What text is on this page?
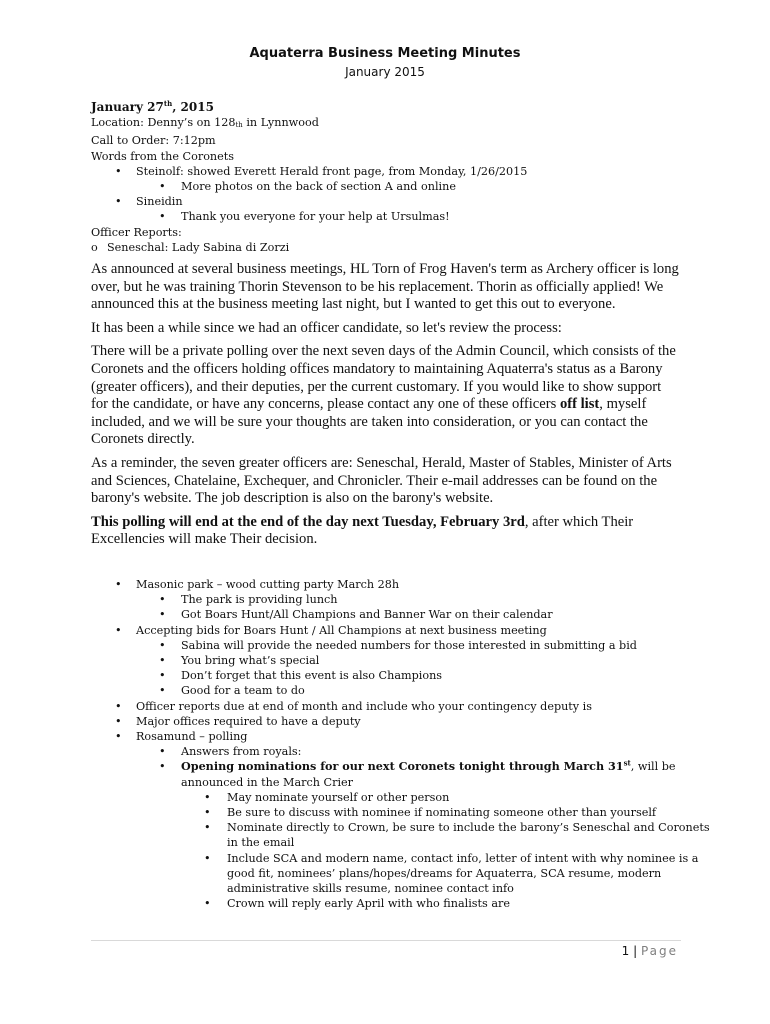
Aquaterra Business Meeting Minutes
January 2015
January 27th, 2015
Location: Denny’s on 128th in Lynnwood
Call to Order: 7:12pm
Words from the Coronets
• Steinolf: showed Everett Herald front page, from Monday, 1/26/2015
• More photos on the back of section A and online
• Sineidin
• Thank you everyone for your help at Ursulmas!
Officer Reports:
o Seneschal: Lady Sabina di Zorzi

As announced at several business meetings, HL Torn of Frog Haven's term as Archery officer is long over, but he was training Thorin Stevenson to be his replacement. Thorin as officially applied! We announced this at the business meeting last night, but I wanted to get this out to everyone.

It has been a while since we had an officer candidate, so let's review the process:

There will be a private polling over the next seven days of the Admin Council, which consists of the Coronets and the officers holding offices mandatory to maintaining Aquaterra's status as a Barony (greater officers), and their deputies, per the current customary. If you would like to show support for the candidate, or have any concerns, please contact any one of these officers off list, myself included, and we will be sure your thoughts are taken into consideration, or you can contact the Coronets directly.

As a reminder, the seven greater officers are: Seneschal, Herald, Master of Stables, Minister of Arts and Sciences, Chatelaine, Exchequer, and Chronicler. Their e-mail addresses can be found on the barony's website. The job description is also on the barony's website.

This polling will end at the end of the day next Tuesday, February 3rd, after which Their Excellencies will make Their decision.

• Masonic park – wood cutting party March 28h
• The park is providing lunch
• Got Boars Hunt/All Champions and Banner War on their calendar
• Accepting bids for Boars Hunt / All Champions at next business meeting
• Sabina will provide the needed numbers for those interested in submitting a bid
• You bring what’s special
• Don’t forget that this event is also Champions
• Good for a team to do
• Officer reports due at end of month and include who your contingency deputy is
• Major offices required to have a deputy
• Rosamund – polling
• Answers from royals:
• Opening nominations for our next Coronets tonight through March 31st, will be
announced in the March Crier
• May nominate yourself or other person
• Be sure to discuss with nominee if nominating someone other than yourself
• Nominate directly to Crown, be sure to include the barony’s Seneschal and Coronets
in the email
• Include SCA and modern name, contact info, letter of intent with why nominee is a
good fit, nominees’ plans/hopes/dreams for Aquaterra, SCA resume, modern
administrative skills resume, nominee contact info
• Crown will reply early April with who finalists are
1 | Page
